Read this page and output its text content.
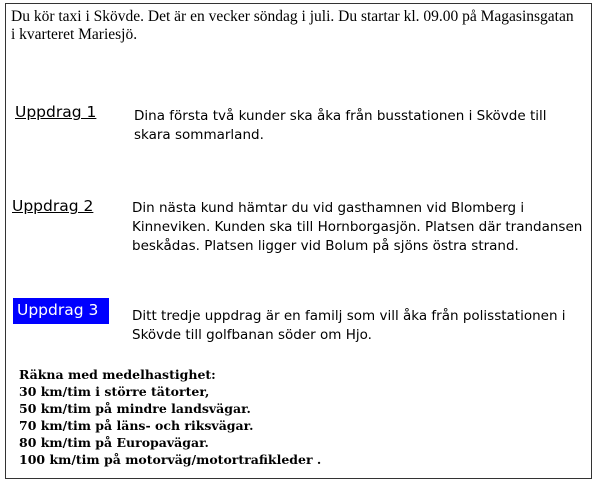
Du kör taxi i Skövde. Det är en vecker söndag i juli. Du startar kl. 09.00 på Magasinsgatan i kvarteret Mariesjö.

Uppdrag 1	Dina första två kunder ska åka från busstationen i Skövde till skara sommarland.

Uppdrag 2	Din nästa kund hämtar du vid gasthamnen vid Blomberg i Kinneviken. Kunden ska till Hornborgasjön. Platsen där trandansen beskådas. Platsen ligger vid Bolum på sjöns östra strand.

Uppdrag 3	Ditt tredje uppdrag är en familj som vill åka från polisstationen i Skövde till golfbanan söder om Hjo.

Räkna med medelhastighet:
30 km/tim i större tätorter,
50 km/tim på mindre landsvägar.
70 km/tim på läns- och riksvägar.
80 km/tim på Europavägar.
100 km/tim på motorväg/motortrafikleder .
